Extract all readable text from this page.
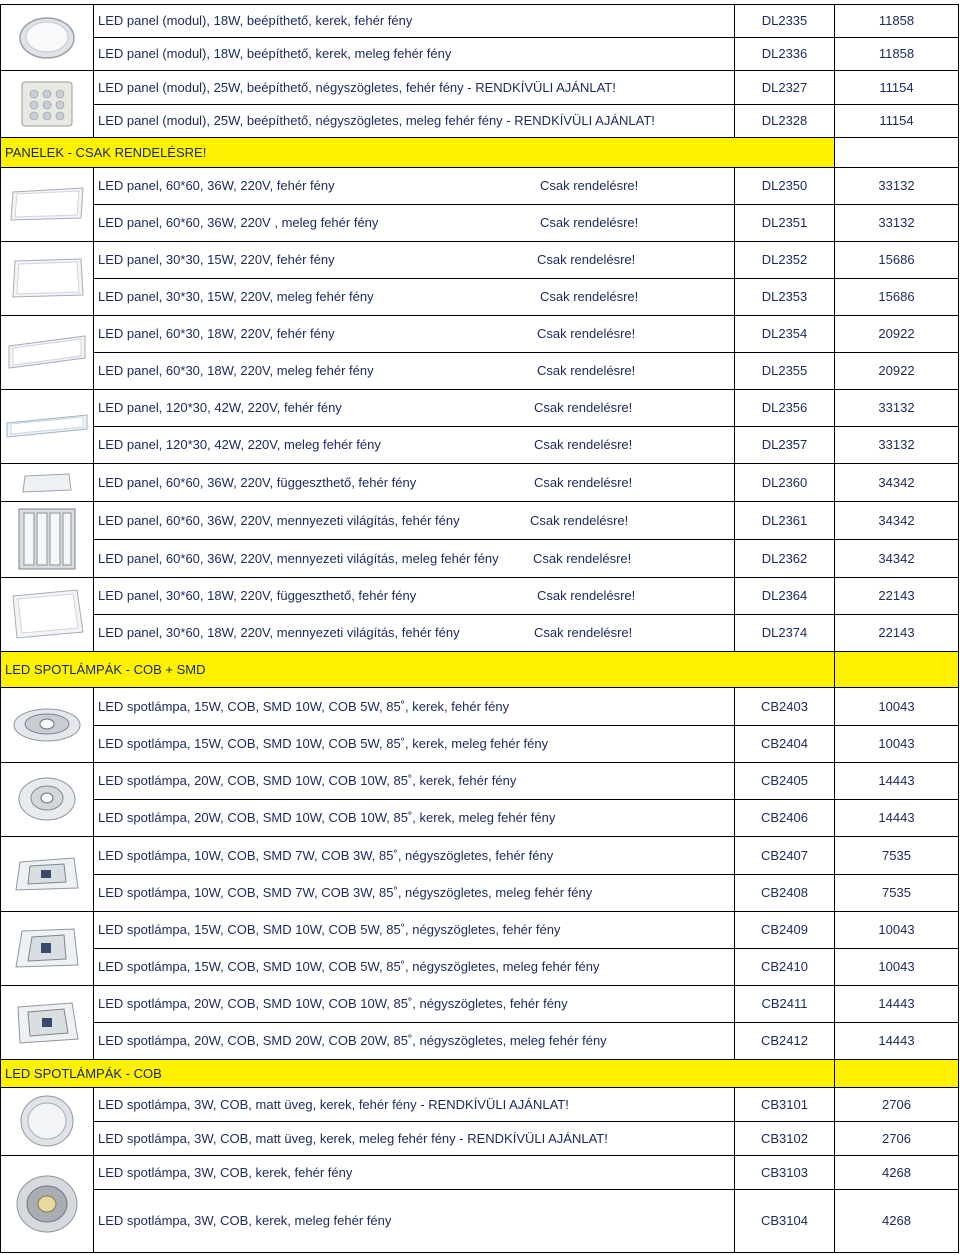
LED panel (modul), 18W, beépíthető, kerek, fehér fény	DL2335	11858
LED panel (modul), 18W, beépíthető, kerek, meleg fehér fény	DL2336	11858
LED panel (modul), 25W, beépíthető, négyszögletes, fehér fény - RENDKÍVÜLI AJÁNLAT!	DL2327	11154
LED panel (modul), 25W, beépíthető, négyszögletes, meleg fehér fény - RENDKÍVÜLI AJÁNLAT!	DL2328	11154
PANELEK - CSAK RENDELÉSRE!
LED panel, 60*60, 36W, 220V, fehér fény	Csak rendelésre!	DL2350	33132
LED panel, 60*60, 36W, 220V , meleg fehér fény	Csak rendelésre!	DL2351	33132
LED panel, 30*30, 15W, 220V, fehér fény	Csak rendelésre!	DL2352	15686
LED panel, 30*30, 15W, 220V, meleg fehér fény	Csak rendelésre!	DL2353	15686
LED panel, 60*30, 18W, 220V, fehér fény	Csak rendelésre!	DL2354	20922
LED panel, 60*30, 18W, 220V, meleg fehér fény	Csak rendelésre!	DL2355	20922
LED panel, 120*30, 42W, 220V, fehér fény	Csak rendelésre!	DL2356	33132
LED panel, 120*30, 42W, 220V, meleg fehér fény	Csak rendelésre!	DL2357	33132
LED panel, 60*60, 36W, 220V, függeszthető, fehér fény	Csak rendelésre!	DL2360	34342
LED panel, 60*60, 36W, 220V, mennyezeti világítás, fehér fény	Csak rendelésre!	DL2361	34342
LED panel, 60*60, 36W, 220V, mennyezeti világítás, meleg fehér fény	Csak rendelésre!	DL2362	34342
LED panel, 30*60, 18W, 220V, függeszthető, fehér fény	Csak rendelésre!	DL2364	22143
LED panel, 30*60, 18W, 220V, mennyezeti világítás, fehér fény	Csak rendelésre!	DL2374	22143
LED SPOTLÁMPÁK - COB + SMD
LED spotlámpa, 15W, COB, SMD 10W, COB 5W, 85˚, kerek, fehér fény	CB2403	10043
LED spotlámpa, 15W, COB, SMD 10W, COB 5W, 85˚, kerek, meleg fehér fény	CB2404	10043
LED spotlámpa, 20W, COB, SMD 10W, COB 10W, 85˚, kerek, fehér fény	CB2405	14443
LED spotlámpa, 20W, COB, SMD 10W, COB 10W, 85˚, kerek, meleg fehér fény	CB2406	14443
LED spotlámpa, 10W, COB, SMD 7W, COB 3W, 85˚, négyszögletes, fehér fény	CB2407	7535
LED spotlámpa, 10W, COB, SMD 7W, COB 3W, 85˚, négyszögletes, meleg fehér fény	CB2408	7535
LED spotlámpa, 15W, COB, SMD 10W, COB 5W, 85˚, négyszögletes, fehér fény	CB2409	10043
LED spotlámpa, 15W, COB, SMD 10W, COB 5W, 85˚, négyszögletes, meleg fehér fény	CB2410	10043
LED spotlámpa, 20W, COB, SMD 10W, COB 10W, 85˚, négyszögletes, fehér fény	CB2411	14443
LED spotlámpa, 20W, COB, SMD 20W, COB 20W, 85˚, négyszögletes, meleg fehér fény	CB2412	14443
LED SPOTLÁMPÁK - COB
LED spotlámpa, 3W, COB, matt üveg, kerek, fehér fény - RENDKÍVÜLI AJÁNLAT!	CB3101	2706
LED spotlámpa, 3W, COB, matt üveg, kerek, meleg fehér fény - RENDKÍVÜLI AJÁNLAT!	CB3102	2706
LED spotlámpa, 3W, COB, kerek, fehér fény	CB3103	4268
LED spotlámpa, 3W, COB, kerek, meleg fehér fény	CB3104	4268
